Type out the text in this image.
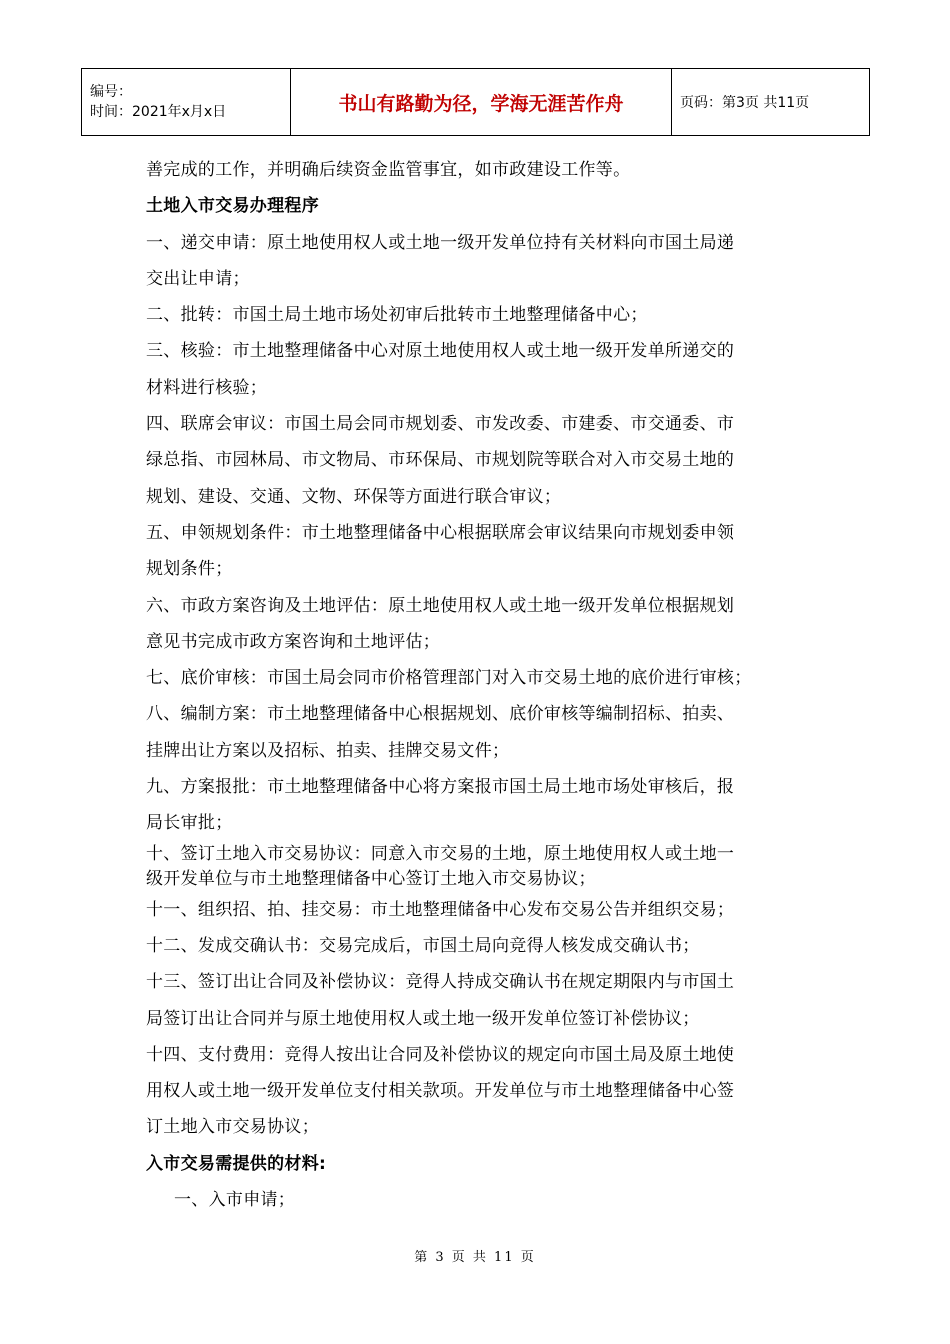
编号：
时间：2021年x月x日	书山有路勤为径，学海无涯苦作舟	页码：第3页 共11页
善完成的工作，并明确后续资金监管事宜，如市政建设工作等。
土地入市交易办理程序
一、递交申请：原土地使用权人或土地一级开发单位持有关材料向市国土局递
交出让申请；
二、批转：市国土局土地市场处初审后批转市土地整理储备中心；
三、核验：市土地整理储备中心对原土地使用权人或土地一级开发单所递交的
材料进行核验；
四、联席会审议：市国土局会同市规划委、市发改委、市建委、市交通委、市
绿总指、市园林局、市文物局、市环保局、市规划院等联合对入市交易土地的
规划、建设、交通、文物、环保等方面进行联合审议；
五、申领规划条件：市土地整理储备中心根据联席会审议结果向市规划委申领
规划条件；
六、市政方案咨询及土地评估：原土地使用权人或土地一级开发单位根据规划
意见书完成市政方案咨询和土地评估；
七、底价审核：市国土局会同市价格管理部门对入市交易土地的底价进行审核；
八、编制方案：市土地整理储备中心根据规划、底价审核等编制招标、拍卖、
挂牌出让方案以及招标、拍卖、挂牌交易文件；
九、方案报批：市土地整理储备中心将方案报市国土局土地市场处审核后，报
局长审批；
十、签订土地入市交易协议：同意入市交易的土地，原土地使用权人或土地一
级开发单位与市土地整理储备中心签订土地入市交易协议；
十一、组织招、拍、挂交易：市土地整理储备中心发布交易公告并组织交易；
十二、发成交确认书：交易完成后，市国土局向竞得人核发成交确认书；
十三、签订出让合同及补偿协议：竞得人持成交确认书在规定期限内与市国土
局签订出让合同并与原土地使用权人或土地一级开发单位签订补偿协议；
十四、支付费用：竞得人按出让合同及补偿协议的规定向市国土局及原土地使
用权人或土地一级开发单位支付相关款项。开发单位与市土地整理储备中心签
订土地入市交易协议；
入市交易需提供的材料:
一、入市申请；
第 3 页 共 11 页
